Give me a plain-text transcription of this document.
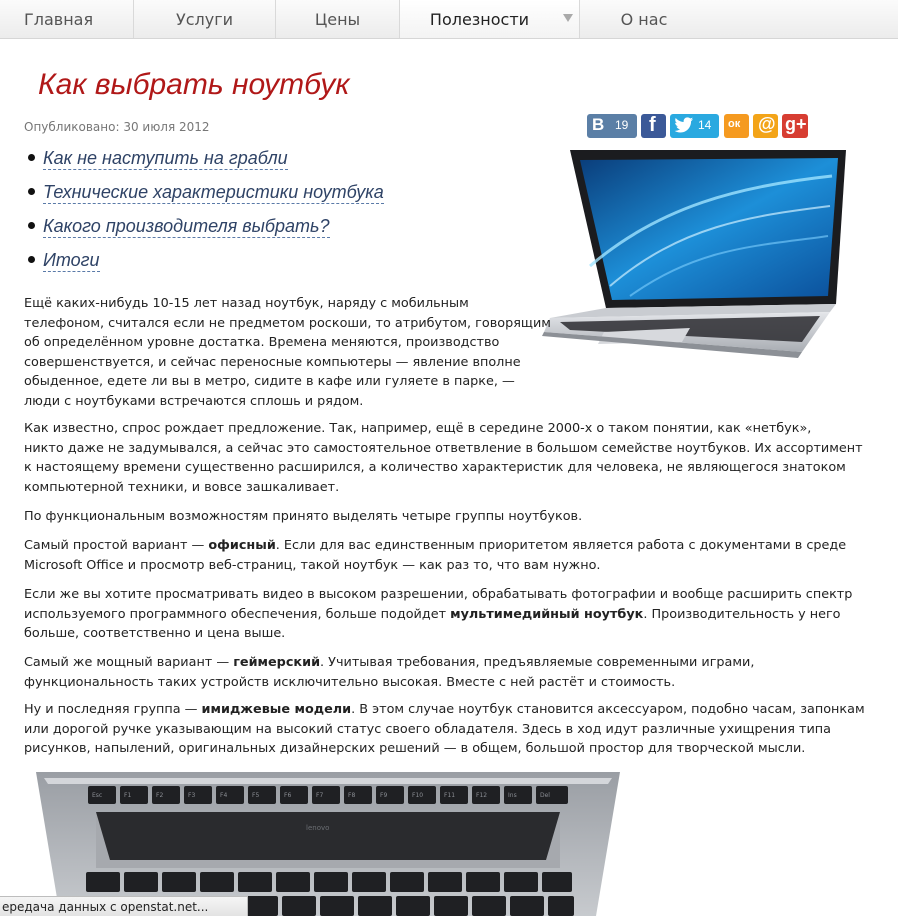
Главная	Услуги	Цены	Полезности	О нас
Как выбрать ноутбук
Опубликовано: 30 июля 2012	В 19 f	14 ок @ g+
Как не наступить на грабли
Технические характеристики ноутбука
Какого производителя выбрать?
Итоги

Ещё каких-нибудь 10-15 лет назад ноутбук, наряду с мобильным
телефоном, считался если не предметом роскоши, то атрибутом, говорящим
об определённом уровне достатка. Времена меняются, производство
совершенствуется, и сейчас переносные компьютеры — явление вполне
обыденное, едете ли вы в метро, сидите в кафе или гуляете в парке, —
люди с ноутбуками встречаются сплошь и рядом.

Как известно, спрос рождает предложение. Так, например, ещё в середине 2000-х о таком понятии, как «нетбук»,
никто даже не задумывался, а сейчас это самостоятельное ответвление в большом семействе ноутбуков. Их ассортимент
к настоящему времени существенно расширился, а количество характеристик для человека, не являющегося знатоком
компьютерной техники, и вовсе зашкаливает.

По функциональным возможностям принято выделять четыре группы ноутбуков.

Самый простой вариант — офисный. Если для вас единственным приоритетом является работа с документами в среде
Microsoft Office и просмотр веб-страниц, такой ноутбук — как раз то, что вам нужно.

Если же вы хотите просматривать видео в высоком разрешении, обрабатывать фотографии и вообще расширить спектр
используемого программного обеспечения, больше подойдет мультимедийный ноутбук. Производительность у него
больше, соответственно и цена выше.

Самый же мощный вариант — геймерский. Учитывая требования, предъявляемые современными играми,
функциональность таких устройств исключительно высокая. Вместе с ней растёт и стоимость.

Ну и последняя группа — имиджевые модели. В этом случае ноутбук становится аксессуаром, подобно часам, запонкам
или дорогой ручке указывающим на высокий статус своего обладателя. Здесь в ход идут различные ухищрения типа
рисунков, напылений, оригинальных дизайнерских решений — в общем, большой простор для творческой мысли.

Esc	F1	F2	F3	F4	F5	F6	F7	F8	F9	F10	F11	F12	Ins	Del
lenovo
ередача данных с openstat.net...
